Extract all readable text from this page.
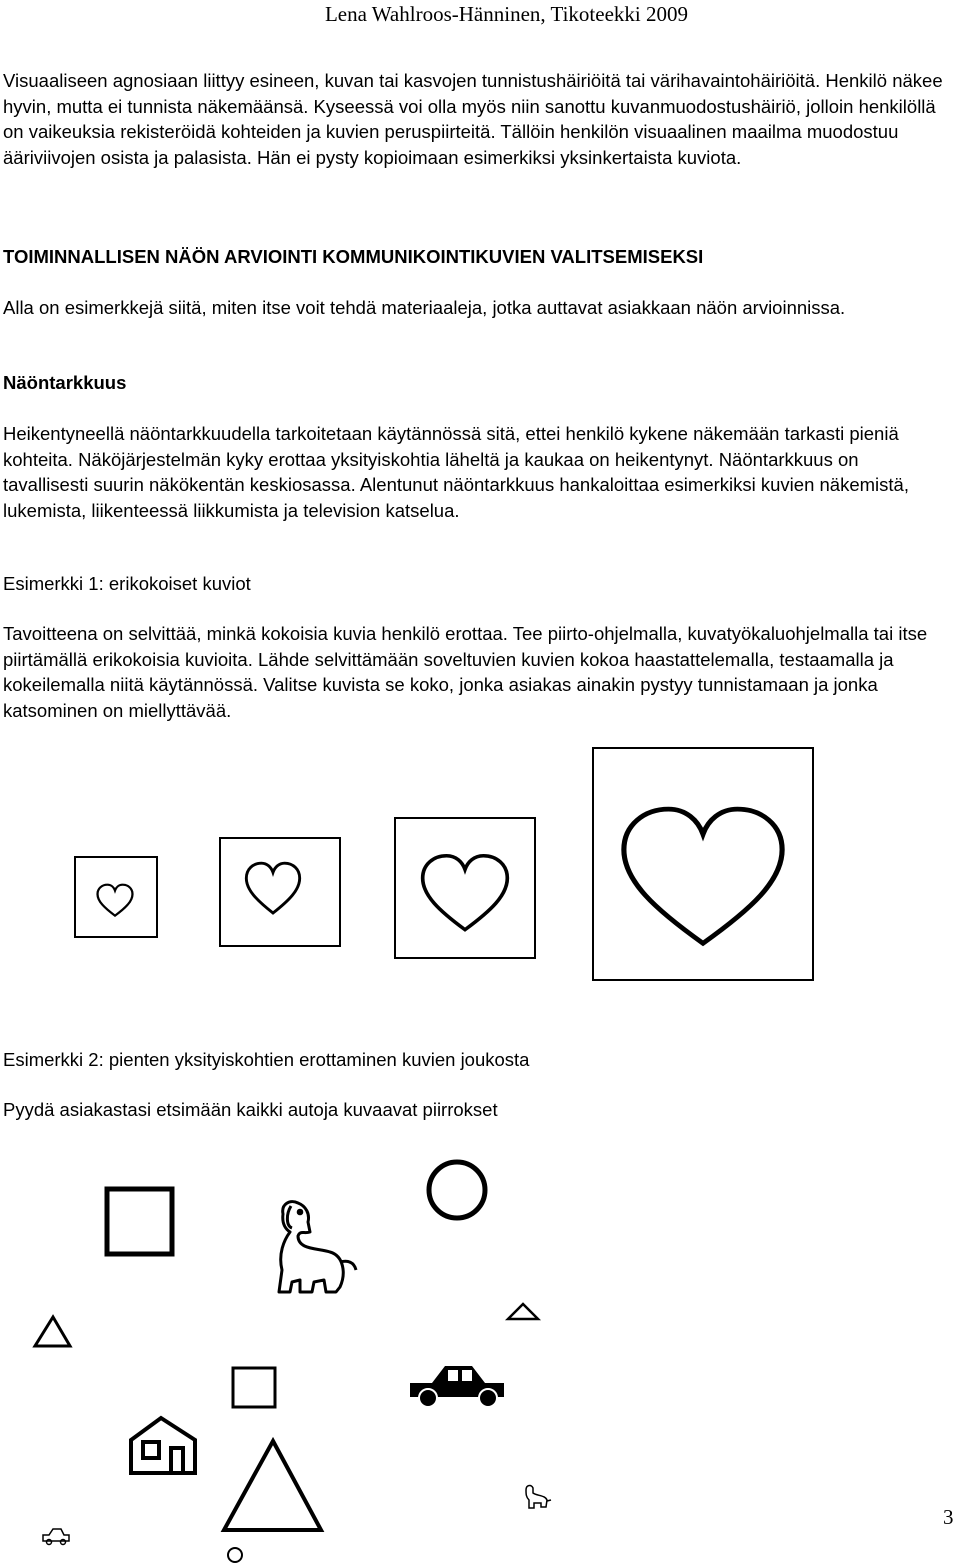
Lena Wahlroos-Hänninen, Tikoteekki 2009

Visuaaliseen agnosiaan liittyy esineen, kuvan tai kasvojen tunnistushäiriöitä tai värihavaintohäiriöitä. Henkilö näkee hyvin, mutta ei tunnista näkemäänsä. Kyseessä voi olla myös niin sanottu kuvanmuodostushäiriö, jolloin henkilöllä on vaikeuksia rekisteröidä kohteiden ja kuvien peruspiirteitä. Tällöin henkilön visuaalinen maailma muodostuu ääriviivojen osista ja palasista. Hän ei pysty kopioimaan esimerkiksi yksinkertaista kuviota.

TOIMINNALLISEN NÄÖN ARVIOINTI KOMMUNIKOINTIKUVIEN VALITSEMISEKSI

Alla on esimerkkejä siitä, miten itse voit tehdä materiaaleja, jotka auttavat asiakkaan näön arvioinnissa.

Näöntarkkuus

Heikentyneellä näöntarkkuudella tarkoitetaan käytännössä sitä, ettei henkilö kykene näkemään tarkasti pieniä kohteita. Näköjärjestelmän kyky erottaa yksityiskohtia läheltä ja kaukaa on heikentynyt. Näöntarkkuus on tavallisesti suurin näkökentän keskiosassa. Alentunut näöntarkkuus hankaloittaa esimerkiksi kuvien näkemistä, lukemista, liikenteessä liikkumista ja television katselua.

Esimerkki 1: erikokoiset kuviot

Tavoitteena on selvittää, minkä kokoisia kuvia henkilö erottaa. Tee piirto-ohjelmalla, kuvatyökaluohjelmalla tai itse piirtämällä erikokoisia kuvioita. Lähde selvittämään soveltuvien kuvien kokoa haastattelemalla, testaamalla ja kokeilemalla niitä käytännössä. Valitse kuvista se koko, jonka asiakas ainakin pystyy tunnistamaan ja jonka katsominen on miellyttävää.

Esimerkki 2: pienten yksityiskohtien erottaminen kuvien joukosta

Pyydä asiakastasi etsimään kaikki autoja kuvaavat piirrokset

3
